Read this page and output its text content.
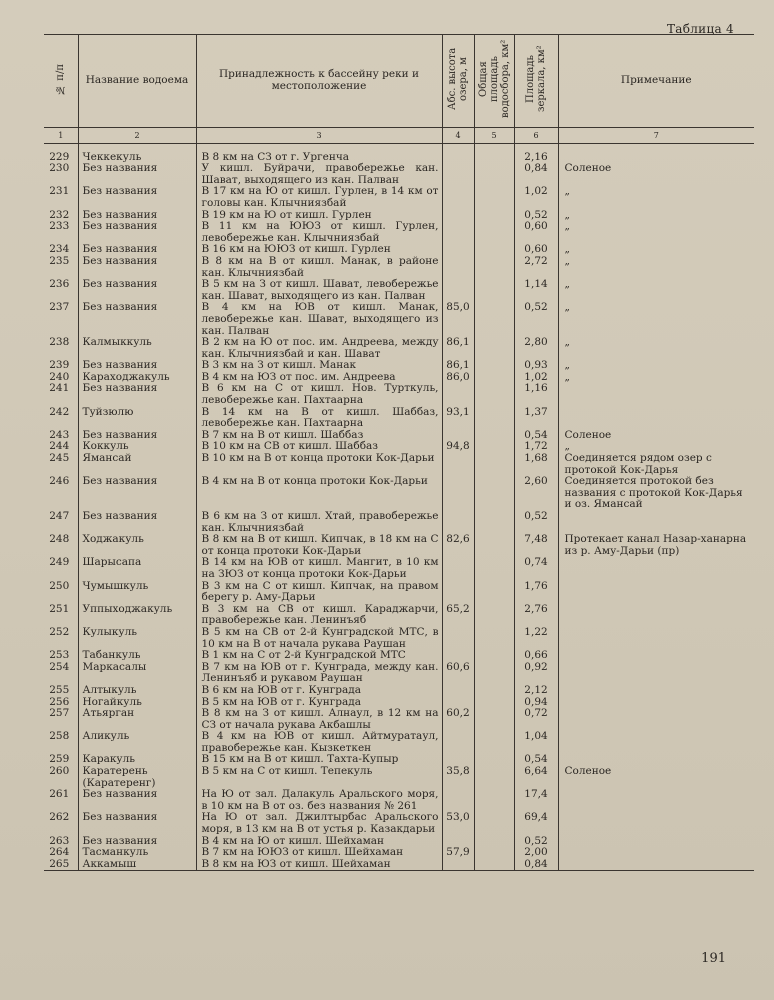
Таблица 4
№ п/п	Название водоема	Принадлежность к бассейну реки и местоположение	Абс. высота озера, м	Общая площадь водосбора, км²	Площадь зеркала, км²	Примечание
1	2	3	4	5	6	7

229	Чеккекуль	В 8 км на СЗ от г. Ургенча			2,16	
230	Без названия	У кишл. Буйрачи, правобережье кан. Шават, выходящего из кан. Палван			0,84	Соленое
231	Без названия	В 17 км на Ю от кишл. Гурлен, в 14 км от головы кан. Клычниязбай			1,02	„
232	Без названия	В 19 км на Ю от кишл. Гурлен			0,52	„
233	Без названия	В 11 км на ЮЮЗ от кишл. Гурлен, левобережье кан. Клычниязбай			0,60	„
234	Без названия	В 16 км на ЮЮЗ от кишл. Гурлен			0,60	„
235	Без названия	В 8 км на В от кишл. Манак, в районе кан. Клычниязбай			2,72	„
236	Без названия	В 5 км на З от кишл. Шават, левобережье кан. Шават, выходящего из кан. Палван			1,14	„
237	Без названия	В 4 км на ЮВ от кишл. Манак, левобережье кан. Шават, выходящего из кан. Палван	85,0		0,52	„
238	Калмыккуль	В 2 км на Ю от пос. им. Андреева, между кан. Клычниязбай и кан. Шават	86,1		2,80	„
239	Без названия	В 3 км на З от кишл. Манак	86,1		0,93	„
240	Караходжакуль	В 4 км на ЮЗ от пос. им. Андреева	86,0		1,02	„
241	Без названия	В 6 км на С от кишл. Нов. Турткуль, левобережье кан. Пахтаарна			1,16	
242	Туйзюлю	В 14 км на В от кишл. Шаббаз, левобережье кан. Пахтаарна	93,1		1,37	
243	Без названия	В 7 км на В от кишл. Шаббаз			0,54	Соленое
244	Коккуль	В 10 км на СВ от кишл. Шаббаз	94,8		1,72	„
245	Ямансай	В 10 км на В от конца протоки Кок-Дарьи			1,68	Соединяется рядом озер с протокой Кок-Дарья
246	Без названия	В 4 км на В от конца протоки Кок-Дарьи			2,60	Соединяется протокой без названия с протокой Кок-Дарья и оз. Ямансай
247	Без названия	В 6 км на З от кишл. Хтай, правобережье кан. Клычниязбай			0,52	
248	Ходжакуль	В 8 км на В от кишл. Кипчак, в 18 км на С от конца протоки Кок-Дарьи	82,6		7,48	Протекает канал Назар-ханарна из р. Аму-Дарьи (пр)
249	Шарысапа	В 14 км на ЮВ от кишл. Мангит, в 10 км на ЗЮЗ от конца протоки Кок-Дарьи			0,74	
250	Чумышкуль	В 3 км на С от кишл. Кипчак, на правом берегу р. Аму-Дарьи			1,76	
251	Уппыходжакуль	В 3 км на СВ от кишл. Караджарчи, правобережье кан. Ленинъяб	65,2		2,76	
252	Кулыкуль	В 5 км на СВ от 2-й Кунградской МТС, в 10 км на В от начала рукава Раушан			1,22	
253	Табанкуль	В 1 км на С от 2-й Кунградской МТС			0,66	
254	Маркасалы	В 7 км на ЮВ от г. Кунграда, между кан. Ленинъяб и рукавом Раушан	60,6		0,92	
255	Алтыкуль	В 6 км на ЮВ от г. Кунграда			2,12	
256	Ногайкуль	В 5 км на ЮВ от г. Кунграда			0,94	
257	Атьярган	В 8 км на З от кишл. Алнаул, в 12 км на СЗ от начала рукава Акбашлы	60,2		0,72	
258	Аликуль	В 4 км на ЮВ от кишл. Айтмуратаул, правобережье кан. Кызкеткен			1,04	
259	Каракуль	В 15 км на В от кишл. Тахта-Купыр			0,54	
260	Каратерень (Каратеренг)	В 5 км на С от кишл. Тепекуль	35,8		6,64	Соленое
261	Без названия	На Ю от зал. Далакуль Аральского моря, в 10 км на В от оз. без названия № 261			17,4	
262	Без названия	На Ю от зал. Джилтырбас Аральского моря, в 13 км на В от устья р. Казакдарьи	53,0		69,4	
263	Без названия	В 4 км на Ю от кишл. Шейхаман			0,52	
264	Тасманкуль	В 7 км на ЮЮЗ от кишл. Шейхаман	57,9		2,00	
265	Аккамыш	В 8 км на ЮЗ от кишл. Шейхаман			0,84	
191
